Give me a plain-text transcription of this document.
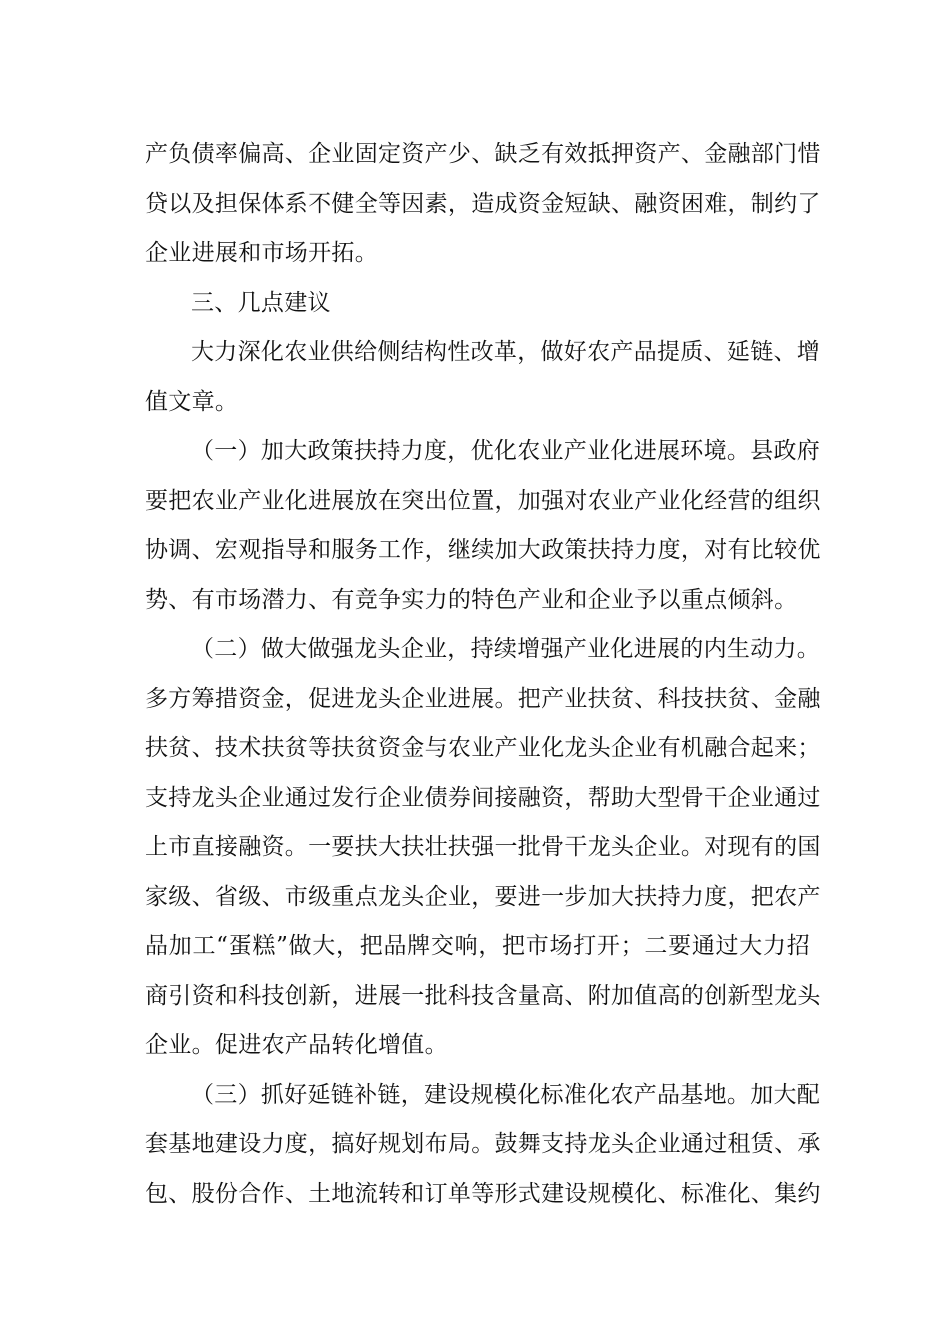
产负债率偏高、企业固定资产少、缺乏有效抵押资产、金融部门惜
贷以及担保体系不健全等因素，造成资金短缺、融资困难，制约了
企业进展和市场开拓。
三、几点建议
大力深化农业供给侧结构性改革，做好农产品提质、延链、增
值文章。
（一）加大政策扶持力度，优化农业产业化进展环境。县政府
要把农业产业化进展放在突出位置，加强对农业产业化经营的组织
协调、宏观指导和服务工作，继续加大政策扶持力度，对有比较优
势、有市场潜力、有竞争实力的特色产业和企业予以重点倾斜。
（二）做大做强龙头企业，持续增强产业化进展的内生动力。
多方筹措资金，促进龙头企业进展。把产业扶贫、科技扶贫、金融
扶贫、技术扶贫等扶贫资金与农业产业化龙头企业有机融合起来；
支持龙头企业通过发行企业债券间接融资，帮助大型骨干企业通过
上市直接融资。一要扶大扶壮扶强一批骨干龙头企业。对现有的国
家级、省级、市级重点龙头企业，要进一步加大扶持力度，把农产
品加工“蛋糕”做大，把品牌交响，把市场打开；二要通过大力招
商引资和科技创新，进展一批科技含量高、附加值高的创新型龙头
企业。促进农产品转化增值。
（三）抓好延链补链，建设规模化标准化农产品基地。加大配
套基地建设力度，搞好规划布局。鼓舞支持龙头企业通过租赁、承
包、股份合作、土地流转和订单等形式建设规模化、标准化、集约
